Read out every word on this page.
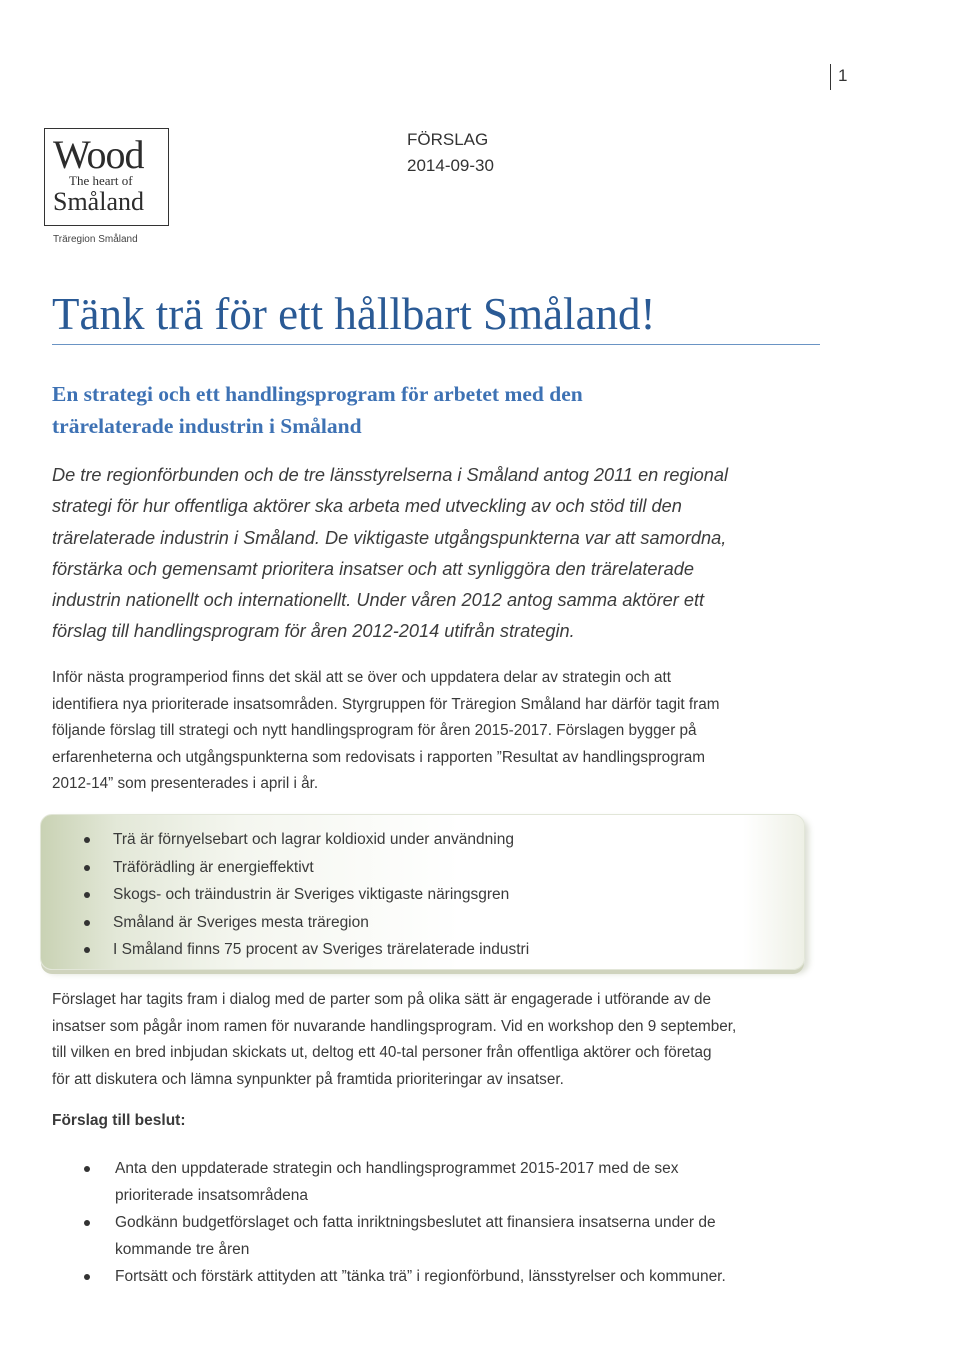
1
Wood
The heart of
Småland
Träregion Småland
FÖRSLAG
2014-09-30
Tänk trä för ett hållbart Småland!
En strategi och ett handlingsprogram för arbetet med den
trärelaterade industrin i Småland

De tre regionförbunden och de tre länsstyrelserna i Småland antog 2011 en regional
strategi för hur offentliga aktörer ska arbeta med utveckling av och stöd till den
trärelaterade industrin i Småland. De viktigaste utgångspunkterna var att samordna,
förstärka och gemensamt prioritera insatser och att synliggöra den trärelaterade
industrin nationellt och internationellt. Under våren 2012 antog samma aktörer ett
förslag till handlingsprogram för åren 2012-2014 utifrån strategin.

Inför nästa programperiod finns det skäl att se över och uppdatera delar av strategin och att
identifiera nya prioriterade insatsområden. Styrgruppen för Träregion Småland har därför tagit fram
följande förslag till strategi och nytt handlingsprogram för åren 2015-2017. Förslagen bygger på
erfarenheterna och utgångspunkterna som redovisats i rapporten ”Resultat av handlingsprogram
2012-14” som presenterades i april i år.

Trä är förnyelsebart och lagrar koldioxid under användning
Träförädling är energieffektivt
Skogs- och träindustrin är Sveriges viktigaste näringsgren
Småland är Sveriges mesta träregion
I Småland finns 75 procent av Sveriges trärelaterade industri

Förslaget har tagits fram i dialog med de parter som på olika sätt är engagerade i utförande av de
insatser som pågår inom ramen för nuvarande handlingsprogram. Vid en workshop den 9 september,
till vilken en bred inbjudan skickats ut, deltog ett 40-tal personer från offentliga aktörer och företag
för att diskutera och lämna synpunkter på framtida prioriteringar av insatser.

Förslag till beslut:
Anta den uppdaterade strategin och handlingsprogrammet 2015-2017 med de sex
prioriterade insatsområdena
Godkänn budgetförslaget och fatta inriktningsbeslutet att finansiera insatserna under de
kommande tre åren
Fortsätt och förstärk attityden att ”tänka trä” i regionförbund, länsstyrelser och kommuner.
